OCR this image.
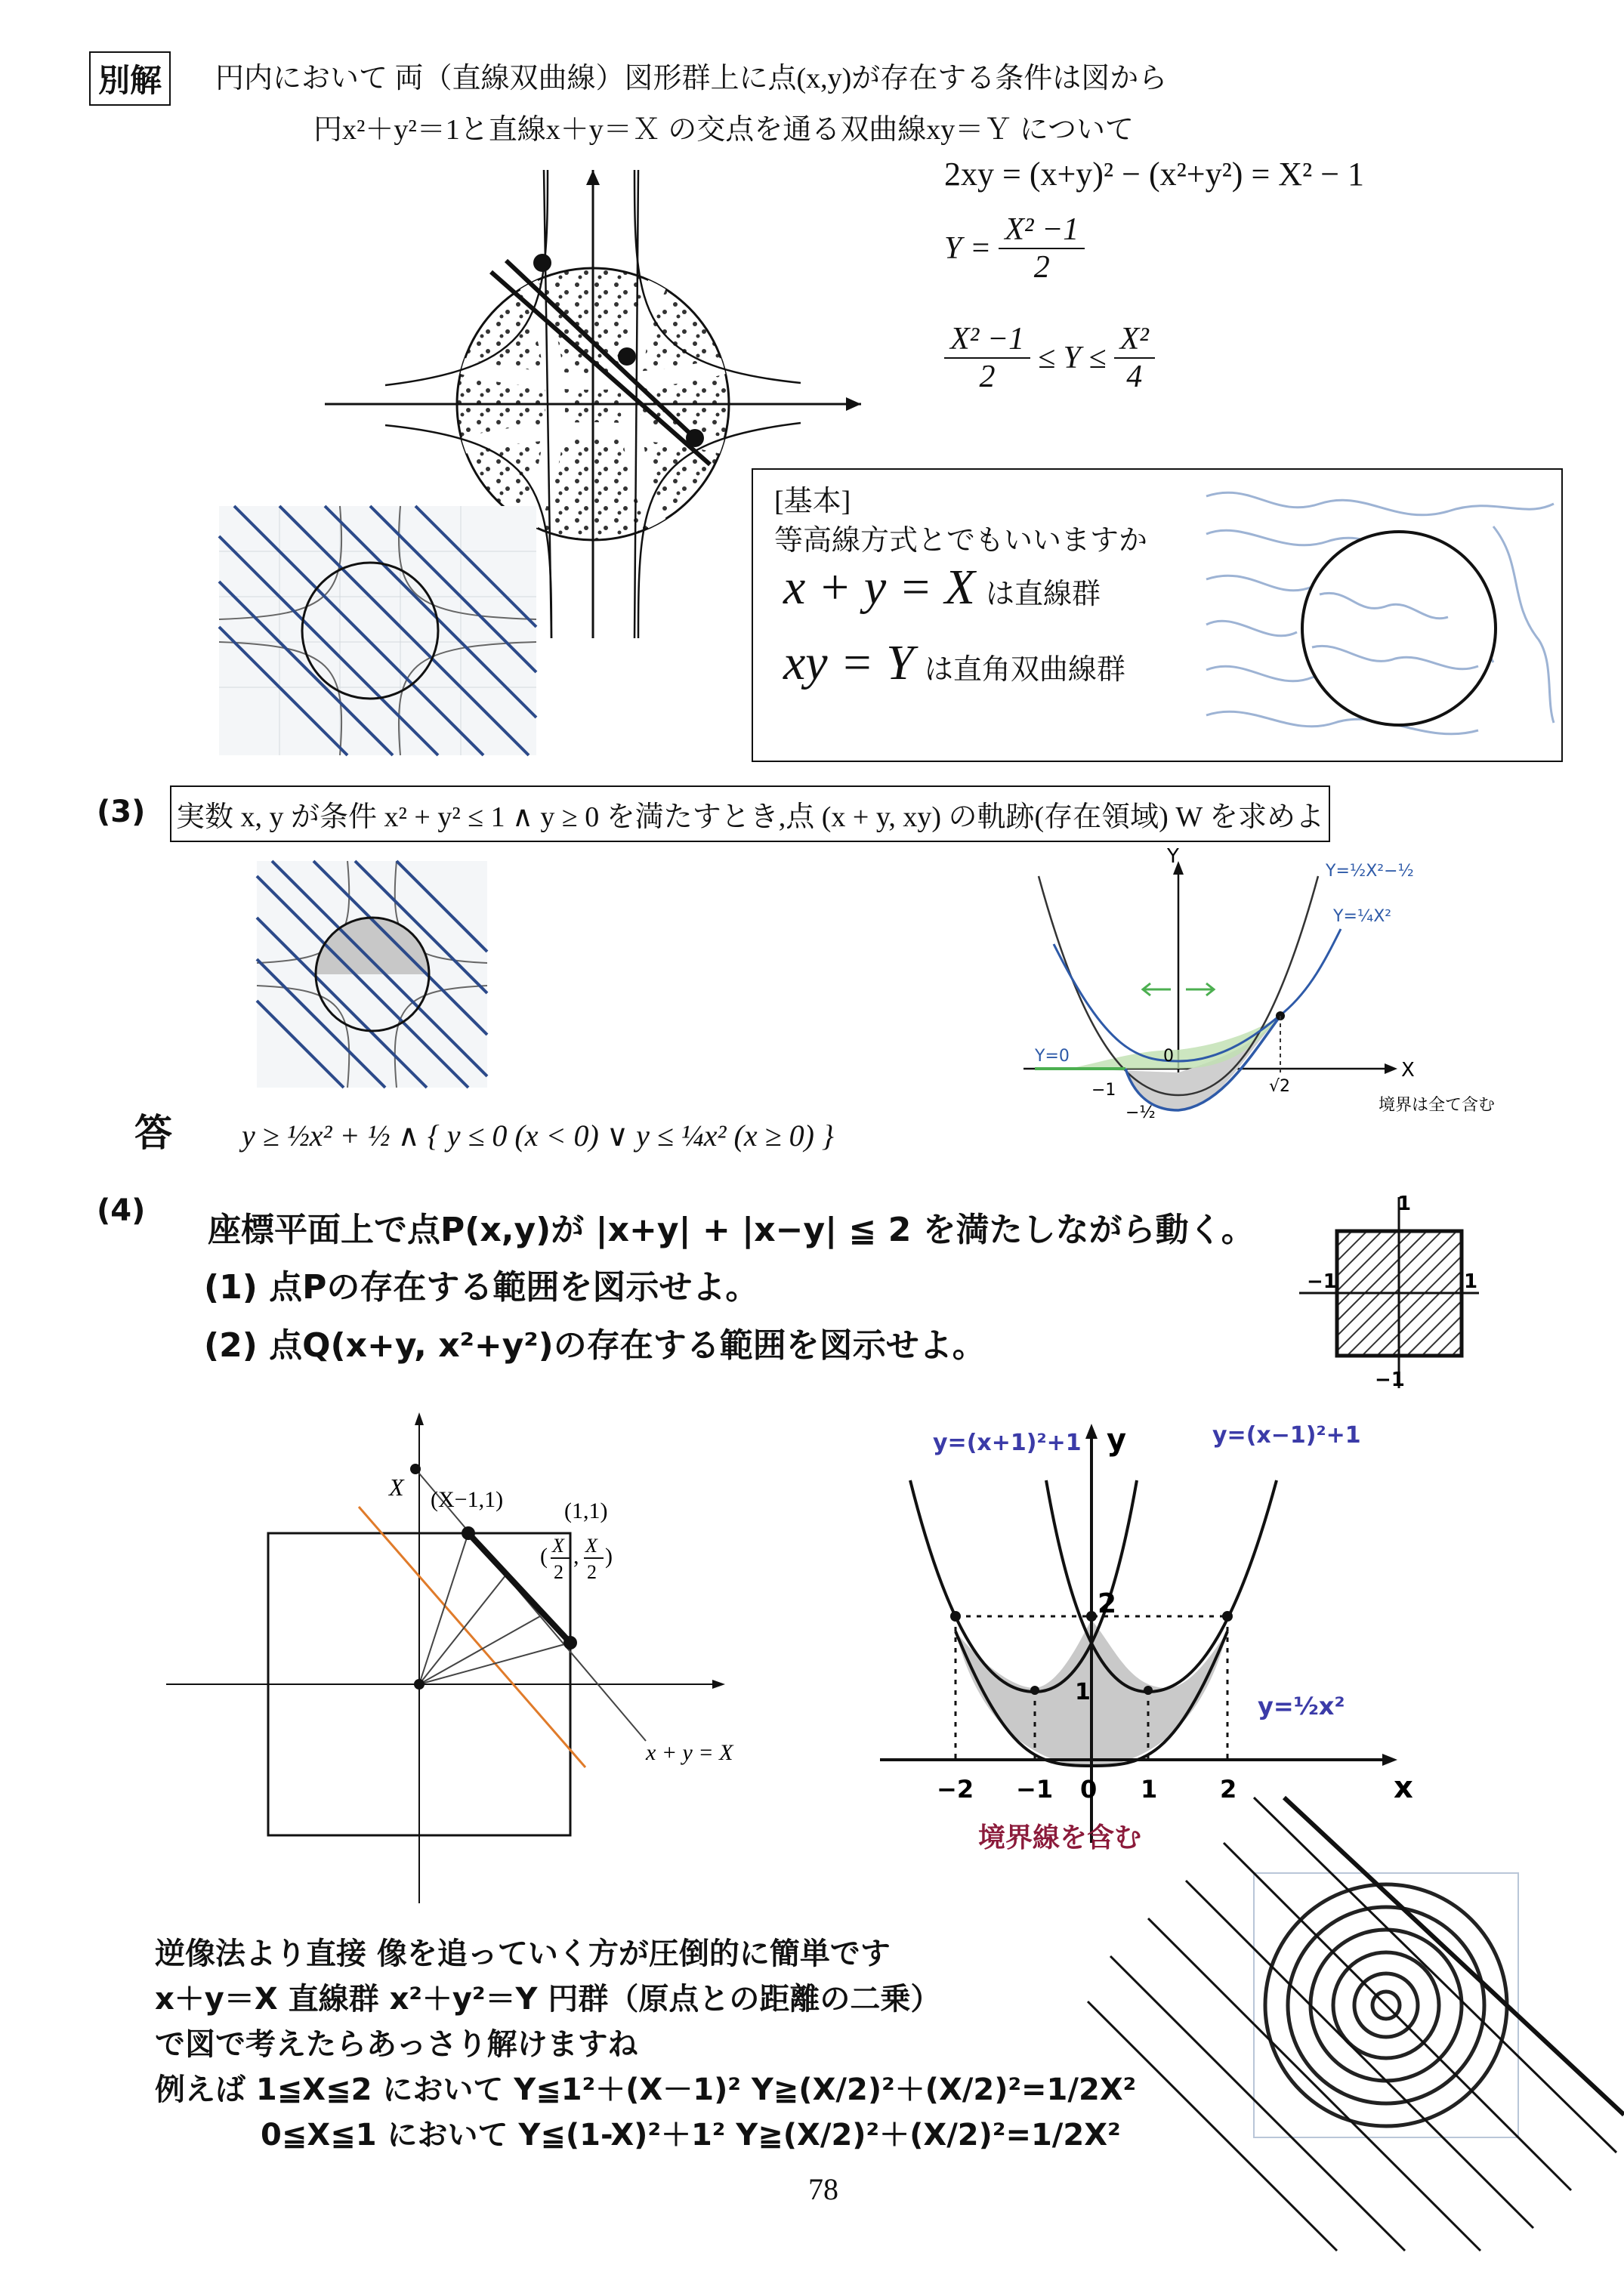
別解	円内において 両（直線双曲線）図形群上に点(x,y)が存在する条件は図から
円x²＋y²＝1と直線x＋y＝Ｘ の交点を通る双曲線xy＝Ｙ について
2xy = (x+y)² − (x²+y²) = X² − 1
$Y = \frac{\text{X² −1}}{2}$
$\frac{\text{X² −1}}{2} \le Y \le \frac{\text{X²}}{4}$
[基本]
等高線方式とでもいいますか
x + y = X は直線群
xy = Y は直角双曲線群
(3) 実数 x, y が条件 x² + y² ≤ 1 ∧ y ≥ 0 を満たすとき,点 (x + y, xy) の軌跡(存在領域) W を求めよ
Y
X
Y=½X²−½
Y=¼X²
Y=0	0
−1	√2
−½	境界は全て含む
答 y ≥ ½x² + ½ ∧ { y ≤ 0 (x < 0) ∨ y ≤ ¼x² (x ≥ 0) }
(4) 座標平面上で点P(x,y)が |x+y| + |x−y| ≦ 2 を満たしながら動く。
(1) 点Pの存在する範囲を図示せよ。
(2) 点Q(x+y, x²+y²)の存在する範囲を図示せよ。
1
−1	1
−1
X (X−1,1)	(1,1)
( X
2
, X
2
)
x + y = X
y=(x+1)²+1	y=(x−1)²+1
y
x
2
1	y=½x²
−2 −1 0 1	2
境界線を含む
逆像法より直接 像を追っていく方が圧倒的に簡単です
x＋y＝X 直線群 x²＋y²＝Y 円群（原点との距離の二乗）
で図で考えたらあっさり解けますね
例えば 1≦X≦2 において Y≦1²＋(X－1)² Y≧(X/2)²＋(X/2)²=1/2X²
0≦X≦1 において Y≦(1-X)²＋1² Y≧(X/2)²＋(X/2)²=1/2X²
78
